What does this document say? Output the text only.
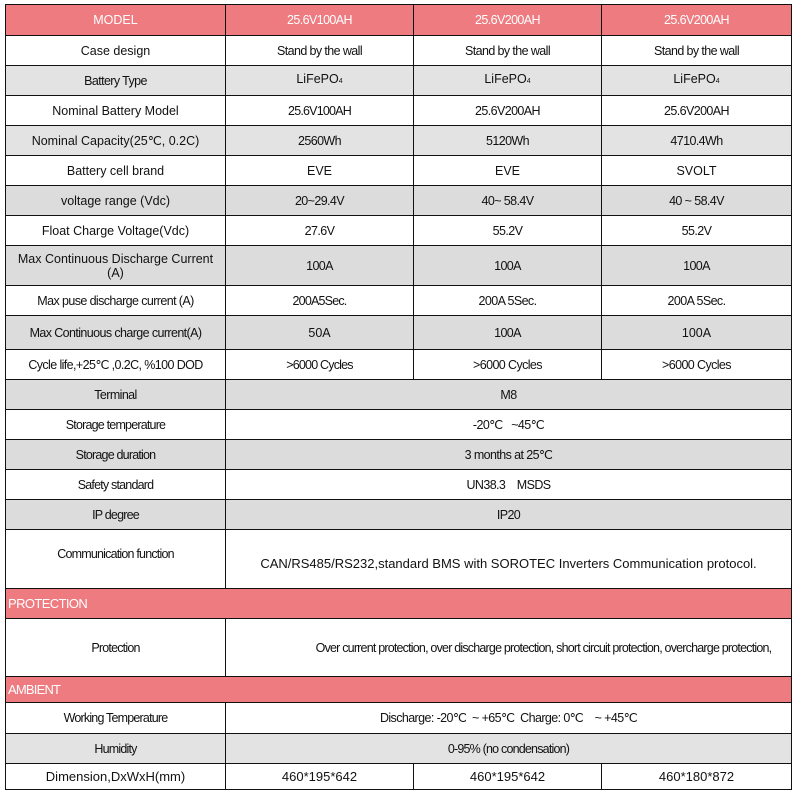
MODEL	25.6V100AH	25.6V200AH	25.6V200AH
Case design	Stand by the wall	Stand by the wall	Stand by the wall
Battery Type	LiFePO4	LiFePO4	LiFePO4
Nominal Battery Model	25.6V100AH	25.6V200AH	25.6V200AH
Nominal Capacity(25℃, 0.2C)	2560Wh	5120Wh	4710.4Wh
Battery cell brand	EVE	EVE	SVOLT
voltage range (Vdc)	20~29.4V	40~ 58.4V	40 ~ 58.4V
Float Charge Voltage(Vdc)	27.6V	55.2V	55.2V
Max Continuous Discharge Current (A)	100A	100A	100A
Max puse discharge current (A)	200A5Sec.	200A 5Sec.	200A 5Sec.
Max Continuous charge current(A)	50A	100A	100A
Cycle life,+25℃ ,0.2C, %100 DOD	>6000 Cycles	>6000 Cycles	>6000 Cycles
Terminal	M8		
Storage temperature	-20℃   ~45℃		
Storage duration	3 months at 25℃		
Safety standard	UN38.3    MSDS		
IP degree	IP20		
Communication function	CAN/RS485/RS232,standard BMS with SOROTEC Inverters Communication protocol.		
PROTECTION			
Protection	Over current protection, over discharge protection, short circuit protection, overcharge protection,		

AMBIENT			
Working Temperature	Discharge: -20℃  ~ +65℃  Charge: 0℃    ~ +45℃		
Humidity	0-95% (no condensation)		
Dimension,DxWxH(mm)	460*195*642	460*195*642	460*180*872
